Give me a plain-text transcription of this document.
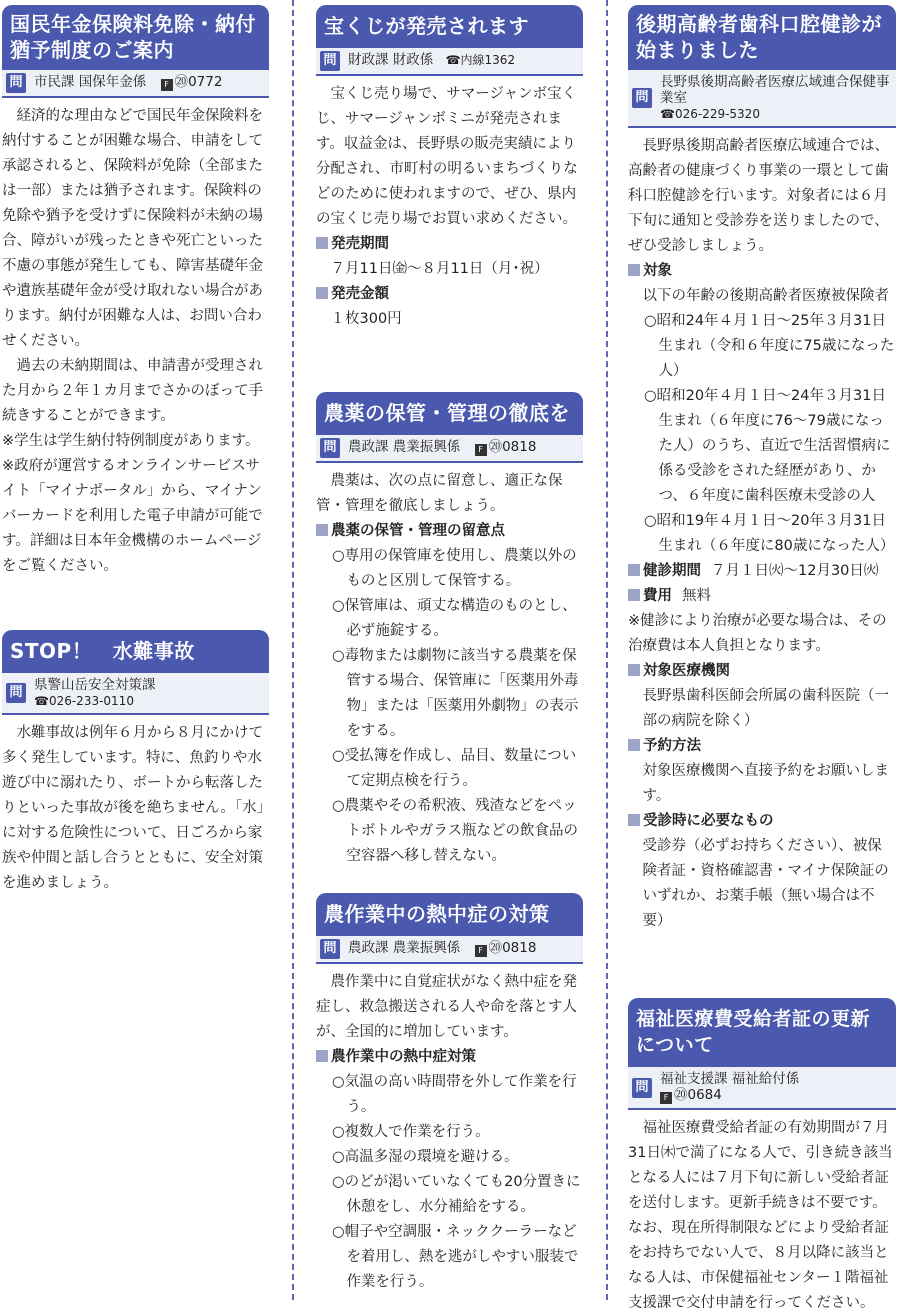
国民年金保険料免除・納付猶予制度のご案内
問 市民課 国保年金係 F ⑳0772

経済的な理由などで国民年金保険料を納付することが困難な場合、申請をして承認されると、保険料が免除（全部または一部）または猶予されます。保険料の免除や猶予を受けずに保険料が未納の場合、障がいが残ったときや死亡といった不慮の事態が発生しても、障害基礎年金や遺族基礎年金が受け取れない場合があります。納付が困難な人は、お問い合わせください。

過去の未納期間は、申請書が受理された月から２年１カ月までさかのぼって手続きすることができます。

※学生は学生納付特例制度があります。

※政府が運営するオンラインサービスサイト「マイナポータル」から、マイナンバーカードを利用した電子申請が可能です。詳細は日本年金機構のホームページをご覧ください。

STOP！　水難事故
問 県警山岳安全対策課
☎026-233-0110

水難事故は例年６月から８月にかけて多く発生しています。特に、魚釣りや水遊び中に溺れたり、ボートから転落したりといった事故が後を絶ちません。「水」に対する危険性について、日ごろから家族や仲間と話し合うとともに、安全対策を進めましょう。

宝くじが発売されます
問 財政課 財政係 ☎内線1362

宝くじ売り場で、サマージャンボ宝くじ、サマージャンボミニが発売されます。収益金は、長野県の販売実績により分配され、市町村の明るいまちづくりなどのために使われますので、ぜひ、県内の宝くじ売り場でお買い求めください。

発売期間

７月11日㈮～８月11日（月･祝）

発売金額

１枚300円

農薬の保管・管理の徹底を
問 農政課 農業振興係 F ⑳0818

農薬は、次の点に留意し、適正な保管・管理を徹底しましょう。

農薬の保管・管理の留意点

○専用の保管庫を使用し、農薬以外のものと区別して保管する。

○保管庫は、頑丈な構造のものとし、必ず施錠する。

○毒物または劇物に該当する農薬を保管する場合、保管庫に「医薬用外毒物」または「医薬用外劇物」の表示をする。

○受払簿を作成し、品目、数量について定期点検を行う。

○農薬やその希釈液、残渣などをペットボトルやガラス瓶などの飲食品の空容器へ移し替えない。

農作業中の熱中症の対策
問 農政課 農業振興係 F ⑳0818

農作業中に自覚症状がなく熱中症を発症し、救急搬送される人や命を落とす人が、全国的に増加しています。

農作業中の熱中症対策

○気温の高い時間帯を外して作業を行う。

○複数人で作業を行う。

○高温多湿の環境を避ける。

○のどが渇いていなくても20分置きに休憩をし、水分補給をする。

○帽子や空調服・ネッククーラーなどを着用し、熱を逃がしやすい服装で作業を行う。

後期高齢者歯科口腔健診が始まりました
問
長野県後期高齢者医療広域連合保健事業室
☎026-229-5320

長野県後期高齢者医療広域連合では、高齢者の健康づくり事業の一環として歯科口腔健診を行います。対象者には６月下旬に通知と受診券を送りましたので、ぜひ受診しましょう。

対象

以下の年齢の後期高齢者医療被保険者

○昭和24年４月１日～25年３月31日生まれ（令和６年度に75歳になった人）

○昭和20年４月１日～24年３月31日生まれ（６年度に76～79歳になった人）のうち、直近で生活習慣病に係る受診をされた経歴があり、かつ、６年度に歯科医療未受診の人

○昭和19年４月１日～20年３月31日生まれ（６年度に80歳になった人）

健診期間 ７月１日㈫～12月30日㈫

費用 無料

※健診により治療が必要な場合は、その治療費は本人負担となります。

対象医療機関

長野県歯科医師会所属の歯科医院（一部の病院を除く）

予約方法

対象医療機関へ直接予約をお願いします。

受診時に必要なもの

受診券（必ずお持ちください）、被保険者証・資格確認書・マイナ保険証のいずれか、お薬手帳（無い場合は不要）

福祉医療費受給者証の更新について
問 福祉支援課 福祉給付係
F ⑳0684

福祉医療費受給者証の有効期間が７月31日㈭で満了になる人で、引き続き該当となる人には７月下旬に新しい受給者証を送付します。更新手続きは不要です。なお、現在所得制限などにより受給者証をお持ちでない人で、８月以降に該当となる人は、市保健福祉センター１階福祉支援課で交付申請を行ってください。
